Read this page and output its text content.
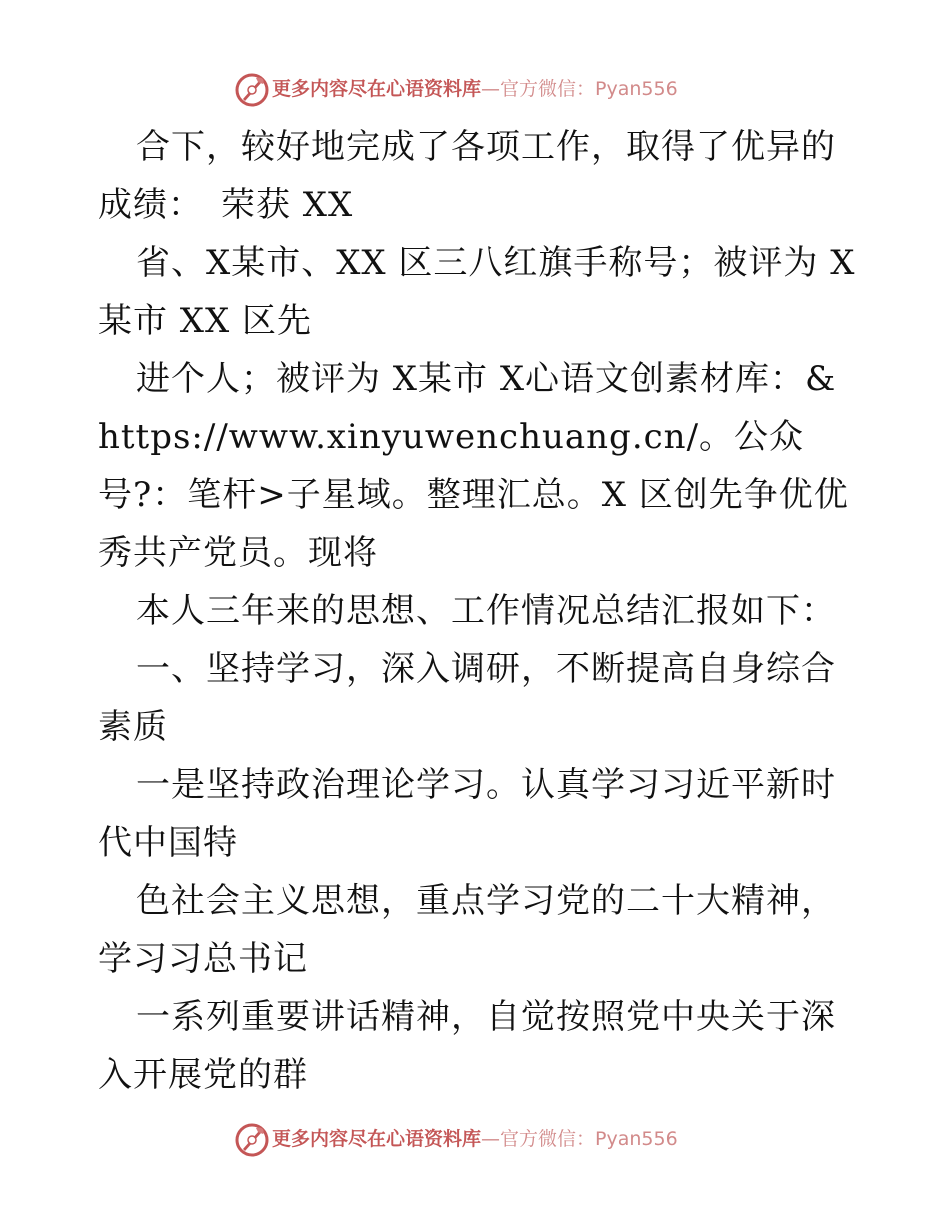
更多内容尽在心语资料库—官方微信：Pyan556

合下，较好地完成了各项工作，取得了优异的成绩：　荣获 XX

省、X某市、XX 区三八红旗手称号；被评为 X 某市 XX 区先

进个人；被评为 X某市 X心语文创素材库：&https://www.xinyuwenchuang.cn/。公众号?：笔杆>子星域。整理汇总。X 区创先争优优秀共产党员。现将

本人三年来的思想、工作情况总结汇报如下：

一、坚持学习，深入调研，不断提高自身综合素质

一是坚持政治理论学习。认真学习习近平新时代中国特

色社会主义思想，重点学习党的二十大精神，学习习总书记

一系列重要讲话精神，自觉按照党中央关于深入开展党的群

更多内容尽在心语资料库—官方微信：Pyan556
